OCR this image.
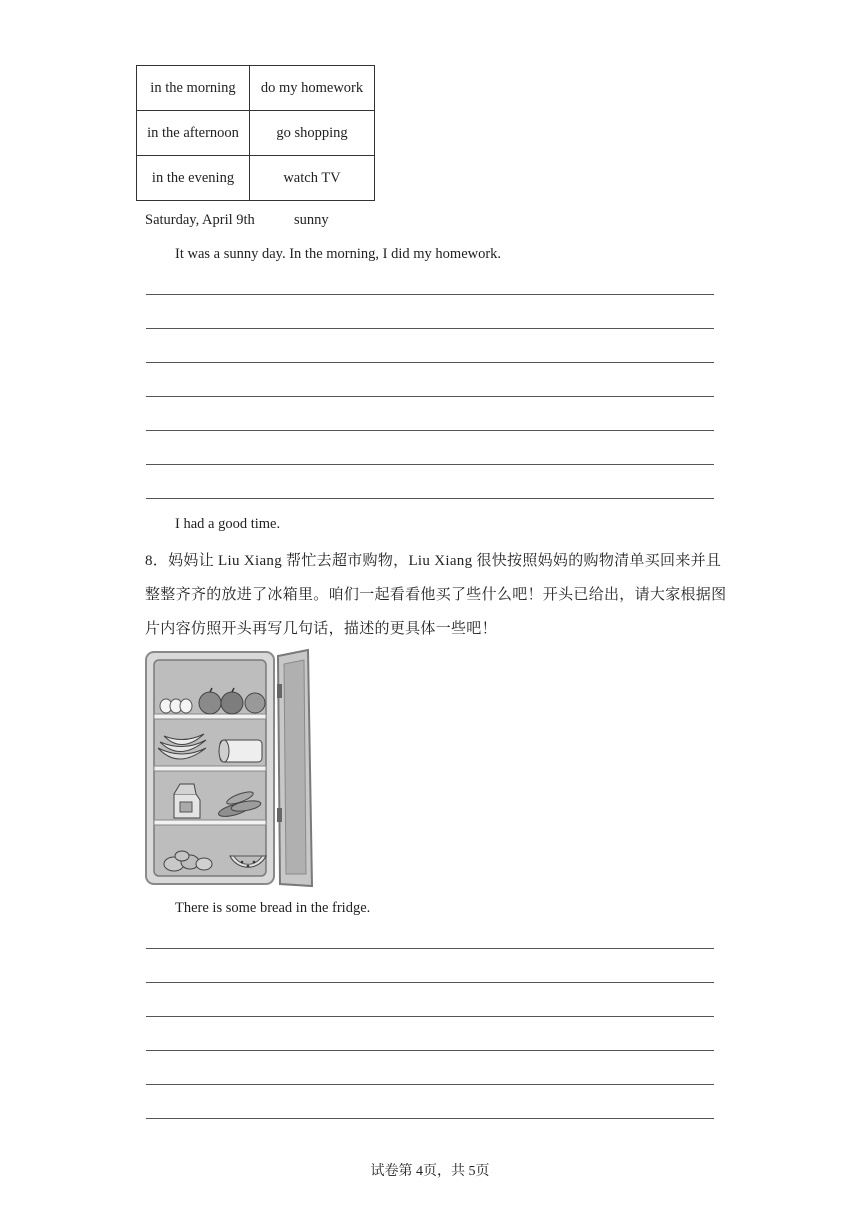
in the morning	do my homework
in the afternoon	go shopping
in the evening	watch TV
Saturday, April 9th	sunny
It was a sunny day. In the morning, I did my homework.
I had a good time.
8．妈妈让 Liu Xiang 帮忙去超市购物，Liu Xiang 很快按照妈妈的购物清单买回来并且
整整齐齐的放进了冰箱里。咱们一起看看他买了些什么吧！开头已给出，请大家根据图
片内容仿照开头再写几句话，描述的更具体一些吧！
There is some bread in the fridge.
试卷第 4页，共 5页
